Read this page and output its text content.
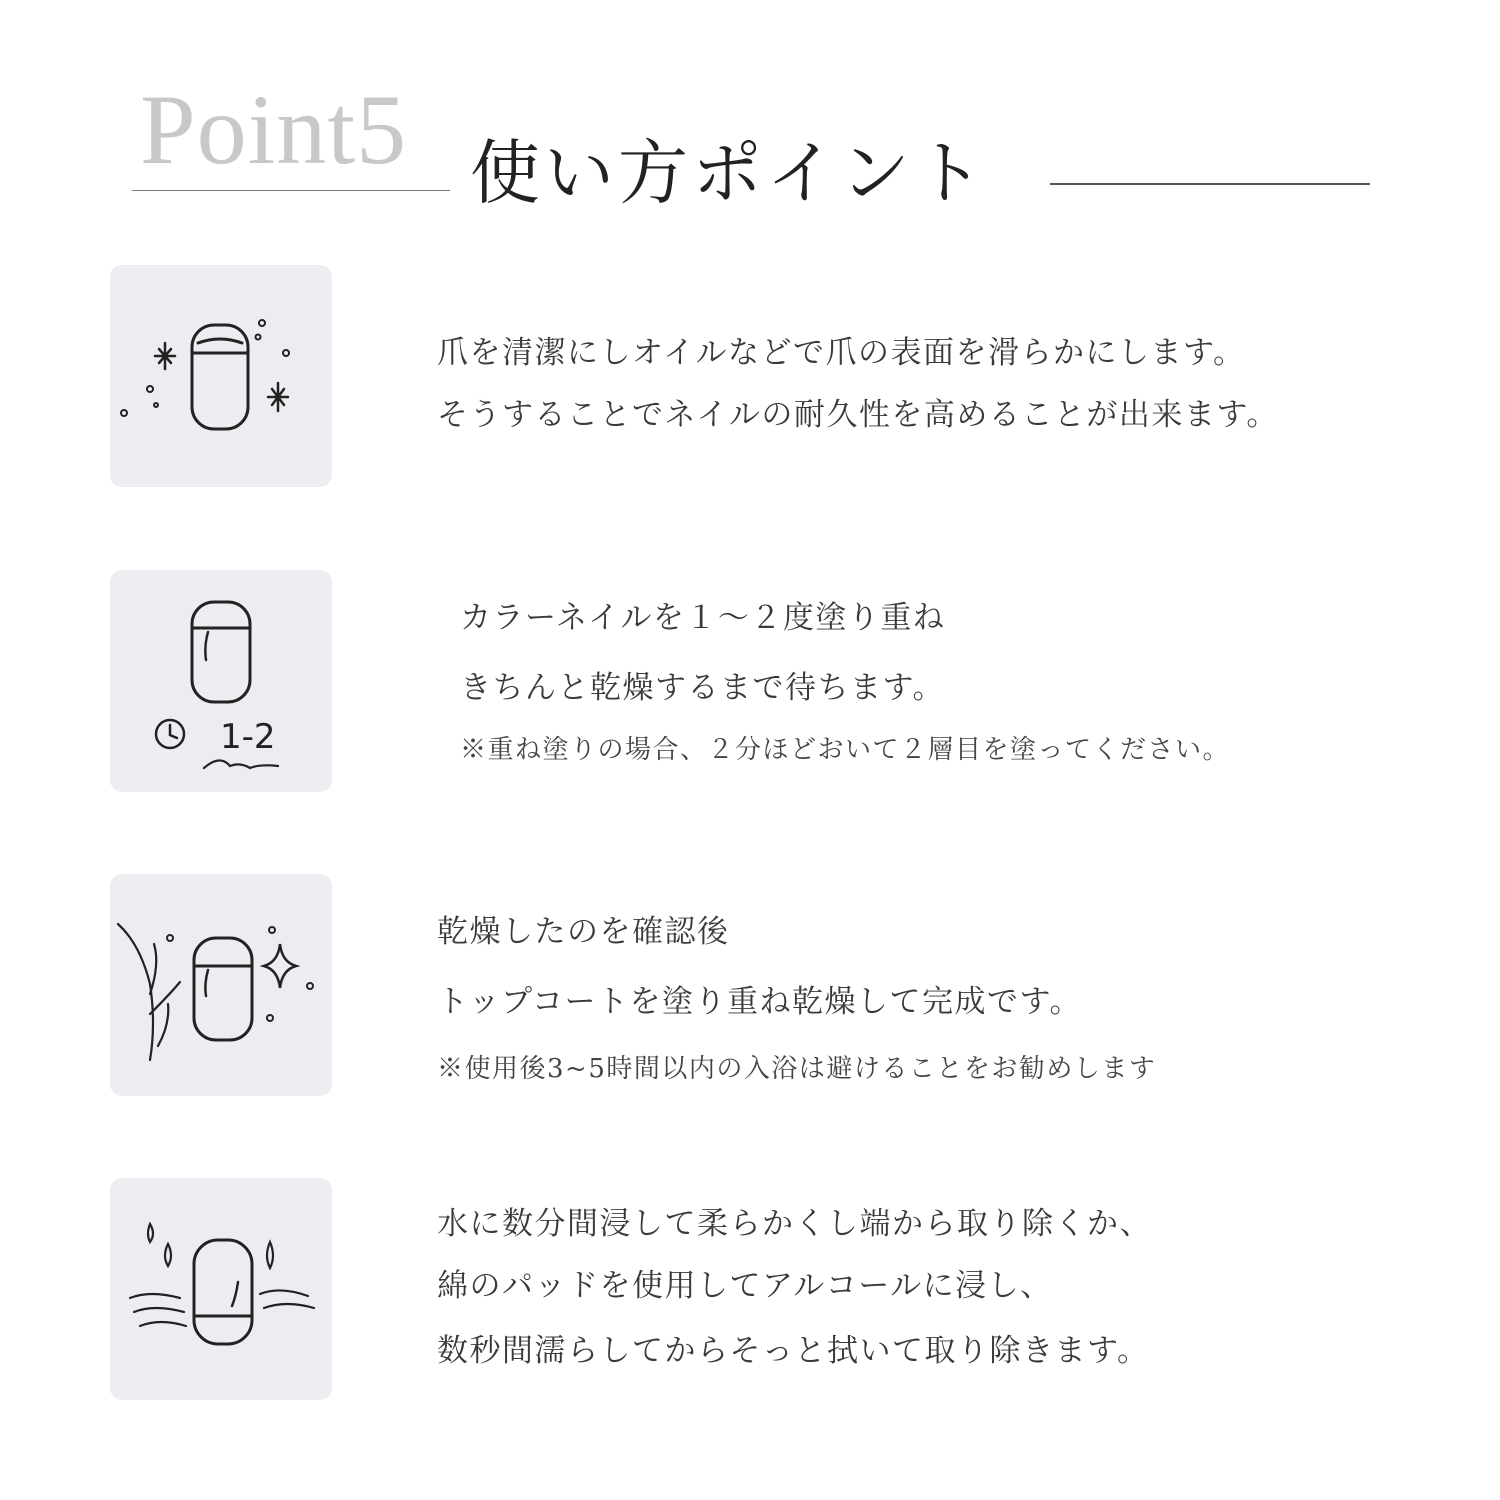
Point5 使い方ポイント
爪を清潔にしオイルなどで爪の表面を滑らかにします。
そうすることでネイルの耐久性を高めることが出来ます。
1-2
カラーネイルを１～２度塗り重ね
きちんと乾燥するまで待ちます。
※重ね塗りの場合、２分ほどおいて２層目を塗ってください。
乾燥したのを確認後
トップコートを塗り重ね乾燥して完成です。
※使用後3~5時間以内の入浴は避けることをお勧めします
水に数分間浸して柔らかくし端から取り除くか、
綿のパッドを使用してアルコールに浸し、
数秒間濡らしてからそっと拭いて取り除きます。
